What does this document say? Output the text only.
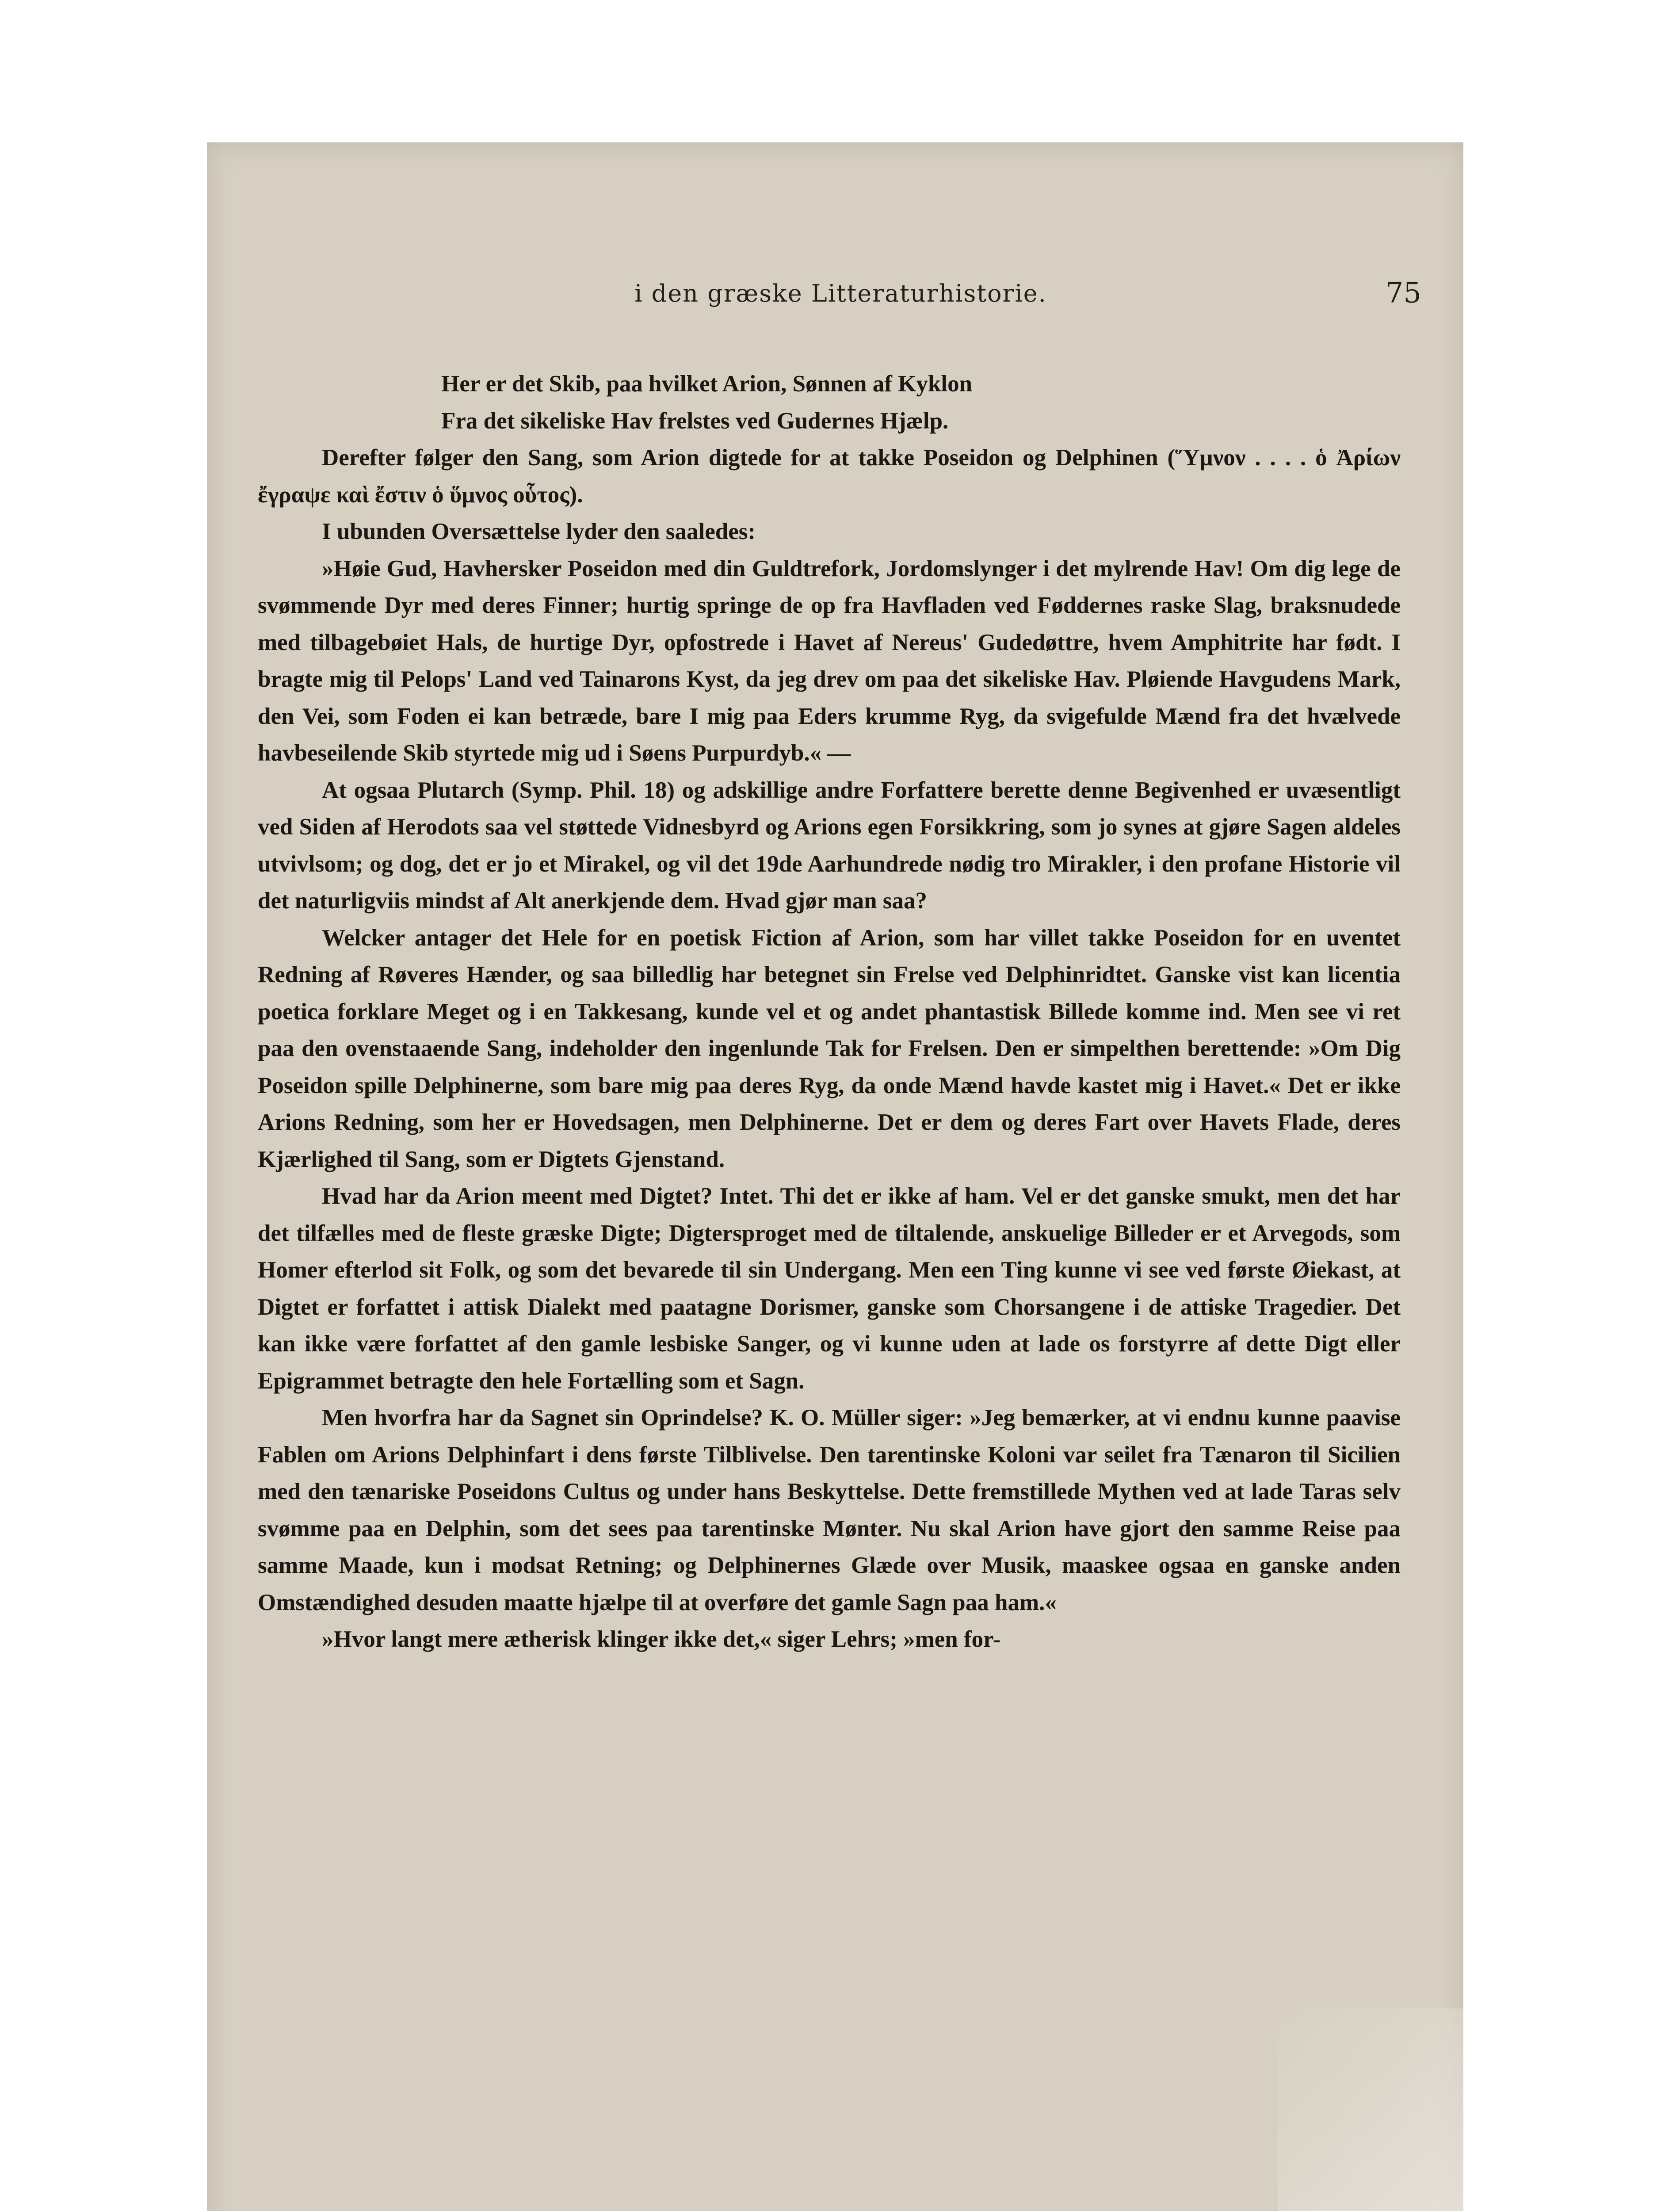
i den græske Litteraturhistorie.	75

Her er det Skib, paa hvilket Arion, Sønnen af Kyklon

Fra det sikeliske Hav frelstes ved Gudernes Hjælp.

Derefter følger den Sang, som Arion digtede for at takke Poseidon og Delphinen (Ὕμνον . . . . ὁ Ἀρίων ἔγραψε καὶ ἔστιν ὁ ὕμνος οὗτος).

I ubunden Oversættelse lyder den saaledes:

»Høie Gud, Havhersker Poseidon med din Guldtrefork, Jordomslynger i det mylrende Hav! Om dig lege de svømmende Dyr med deres Finner; hurtig springe de op fra Havfladen ved Føddernes raske Slag, braksnudede med tilbagebøiet Hals, de hurtige Dyr, opfostrede i Havet af Nereus' Gudedøttre, hvem Amphitrite har født. I bragte mig til Pelops' Land ved Tainarons Kyst, da jeg drev om paa det sikeliske Hav. Pløiende Havgudens Mark, den Vei, som Foden ei kan betræde, bare I mig paa Eders krumme Ryg, da svigefulde Mænd fra det hvælvede havbeseilende Skib styrtede mig ud i Søens Purpurdyb.« —

At ogsaa Plutarch (Symp. Phil. 18) og adskillige andre Forfattere berette denne Begivenhed er uvæsentligt ved Siden af Herodots saa vel støttede Vidnesbyrd og Arions egen Forsikkring, som jo synes at gjøre Sagen aldeles utvivlsom; og dog, det er jo et Mirakel, og vil det 19de Aarhundrede nødig tro Mirakler, i den profane Historie vil det naturligviis mindst af Alt anerkjende dem. Hvad gjør man saa?

Welcker antager det Hele for en poetisk Fiction af Arion, som har villet takke Poseidon for en uventet Redning af Røveres Hænder, og saa billedlig har betegnet sin Frelse ved Delphinridtet. Ganske vist kan licentia poetica forklare Meget og i en Takkesang, kunde vel et og andet phantastisk Billede komme ind. Men see vi ret paa den ovenstaaende Sang, indeholder den ingenlunde Tak for Frelsen. Den er simpelthen berettende: »Om Dig Poseidon spille Delphinerne, som bare mig paa deres Ryg, da onde Mænd havde kastet mig i Havet.« Det er ikke Arions Redning, som her er Hovedsagen, men Delphinerne. Det er dem og deres Fart over Havets Flade, deres Kjærlighed til Sang, som er Digtets Gjenstand.

Hvad har da Arion meent med Digtet? Intet. Thi det er ikke af ham. Vel er det ganske smukt, men det har det tilfælles med de fleste græske Digte; Digtersproget med de tiltalende, anskuelige Billeder er et Arvegods, som Homer efterlod sit Folk, og som det bevarede til sin Undergang. Men een Ting kunne vi see ved første Øiekast, at Digtet er forfattet i attisk Dialekt med paatagne Dorismer, ganske som Chorsangene i de attiske Tragedier. Det kan ikke være forfattet af den gamle lesbiske Sanger, og vi kunne uden at lade os forstyrre af dette Digt eller Epigrammet betragte den hele Fortælling som et Sagn.

Men hvorfra har da Sagnet sin Oprindelse? K. O. Müller siger: »Jeg bemærker, at vi endnu kunne paavise Fablen om Arions Delphinfart i dens første Tilblivelse. Den tarentinske Koloni var seilet fra Tænaron til Sicilien med den tænariske Poseidons Cultus og under hans Beskyttelse. Dette fremstillede Mythen ved at lade Taras selv svømme paa en Delphin, som det sees paa tarentinske Mønter. Nu skal Arion have gjort den samme Reise paa samme Maade, kun i modsat Retning; og Delphinernes Glæde over Musik, maaskee ogsaa en ganske anden Omstændighed desuden maatte hjælpe til at overføre det gamle Sagn paa ham.«

»Hvor langt mere ætherisk klinger ikke det,« siger Lehrs; »men for-
